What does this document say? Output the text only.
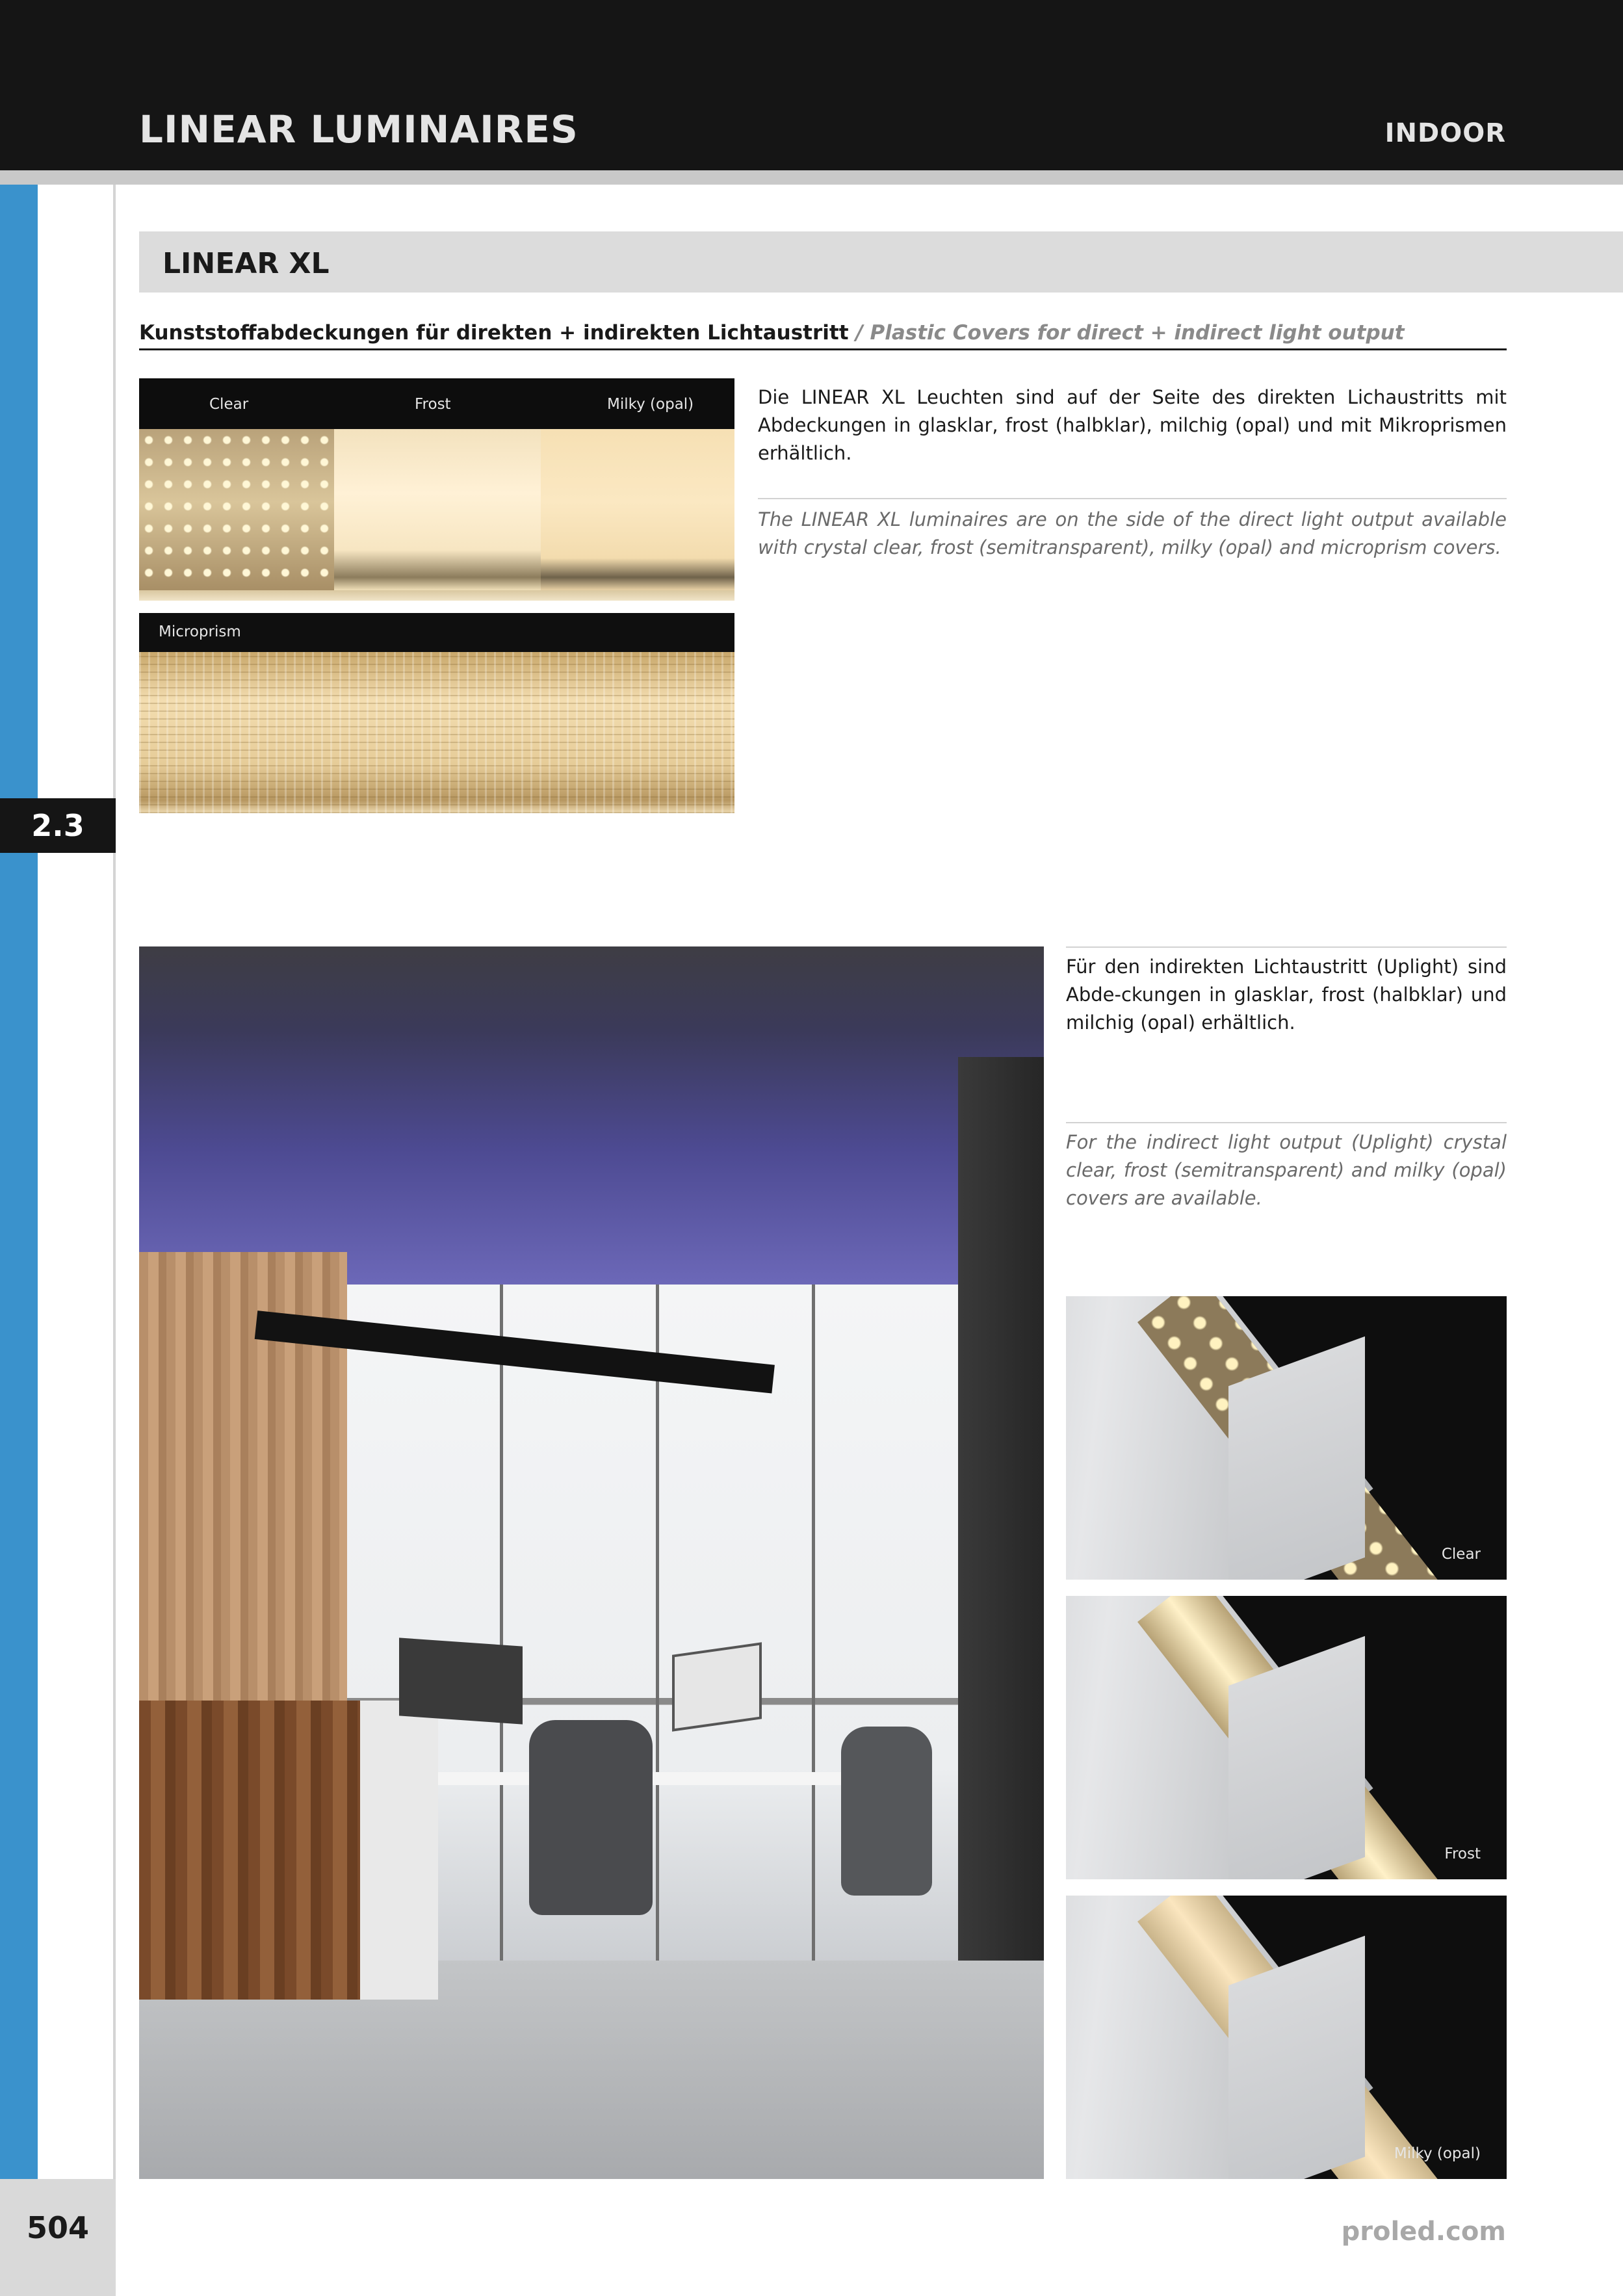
LINEAR LUMINAIRES	INDOOR
2.3
504	proled.com
LINEAR XL
Kunststoffabdeckungen für direkten + indirekten Lichtaustritt / Plastic Covers for direct + indirect light output
Clear	Frost	Milky (opal)
Microprism
Die LINEAR XL Leuchten sind auf der Seite des direkten Lichaustritts mit Abdeckungen in glasklar, frost (halbklar), milchig (opal) und mit Mikroprismen erhältlich.
The LINEAR XL luminaires are on the side of the direct light output available with crystal clear, frost (semitransparent), milky (opal) and microprism covers.
Für den indirekten Lichtaustritt (Uplight) sind Abde-ckungen in glasklar, frost (halbklar) und milchig (opal) erhältlich.
For the indirect light output (Uplight) crystal clear, frost (semitransparent) and milky (opal) covers are available.
Clear
Frost
Milky (opal)
